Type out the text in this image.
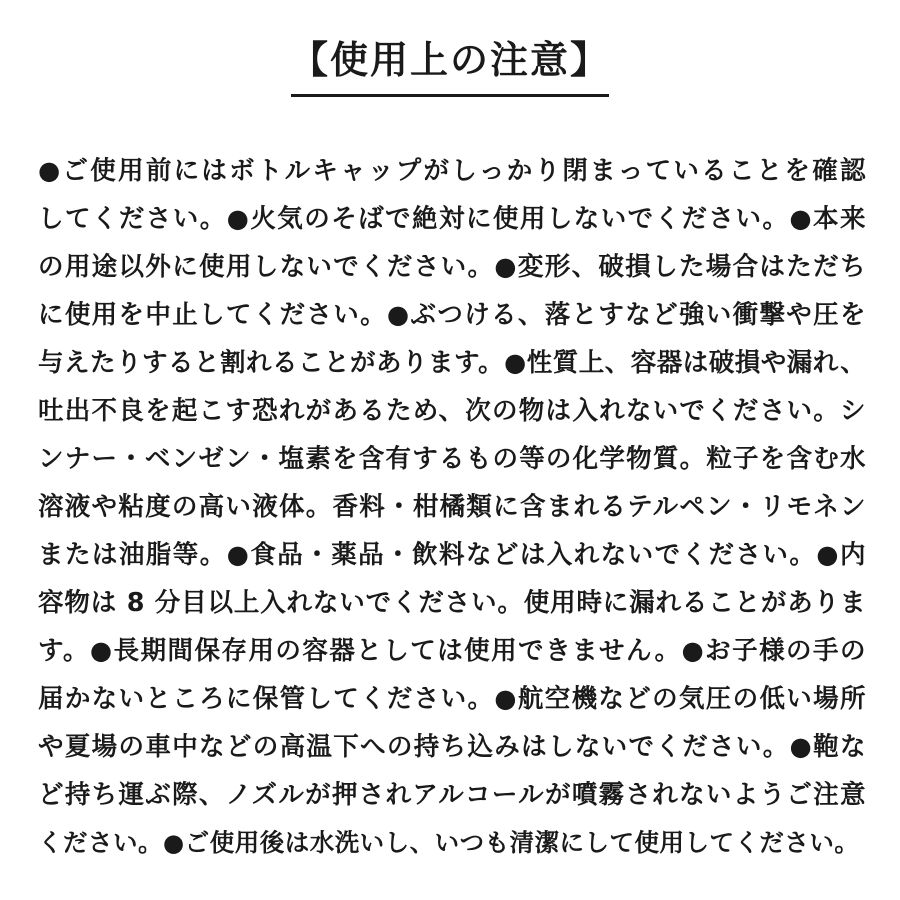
【使用上の注意】
●ご使用前にはボトルキャップがしっかり閉まっていることを確認
してください。●火気のそばで絶対に使用しないでください。●本来
の用途以外に使用しないでください。●変形、破損した場合はただち
に使用を中止してください。●ぶつける、落とすなど強い衝撃や圧を
与えたりすると割れることがあります。●性質上、容器は破損や漏れ、
吐出不良を起こす恐れがあるため、次の物は入れないでください。シ
ンナー・ベンゼン・塩素を含有するもの等の化学物質。粒子を含む水
溶液や粘度の高い液体。香料・柑橘類に含まれるテルペン・リモネン
または油脂等。●食品・薬品・飲料などは入れないでください。●内
容物は 8 分目以上入れないでください。使用時に漏れることがありま
す。●長期間保存用の容器としては使用できません。●お子様の手の
届かないところに保管してください。●航空機などの気圧の低い場所
や夏場の車中などの高温下への持ち込みはしないでください。●鞄な
ど持ち運ぶ際、ノズルが押されアルコールが噴霧されないようご注意
ください。●ご使用後は水洗いし、いつも清潔にして使用してください。
